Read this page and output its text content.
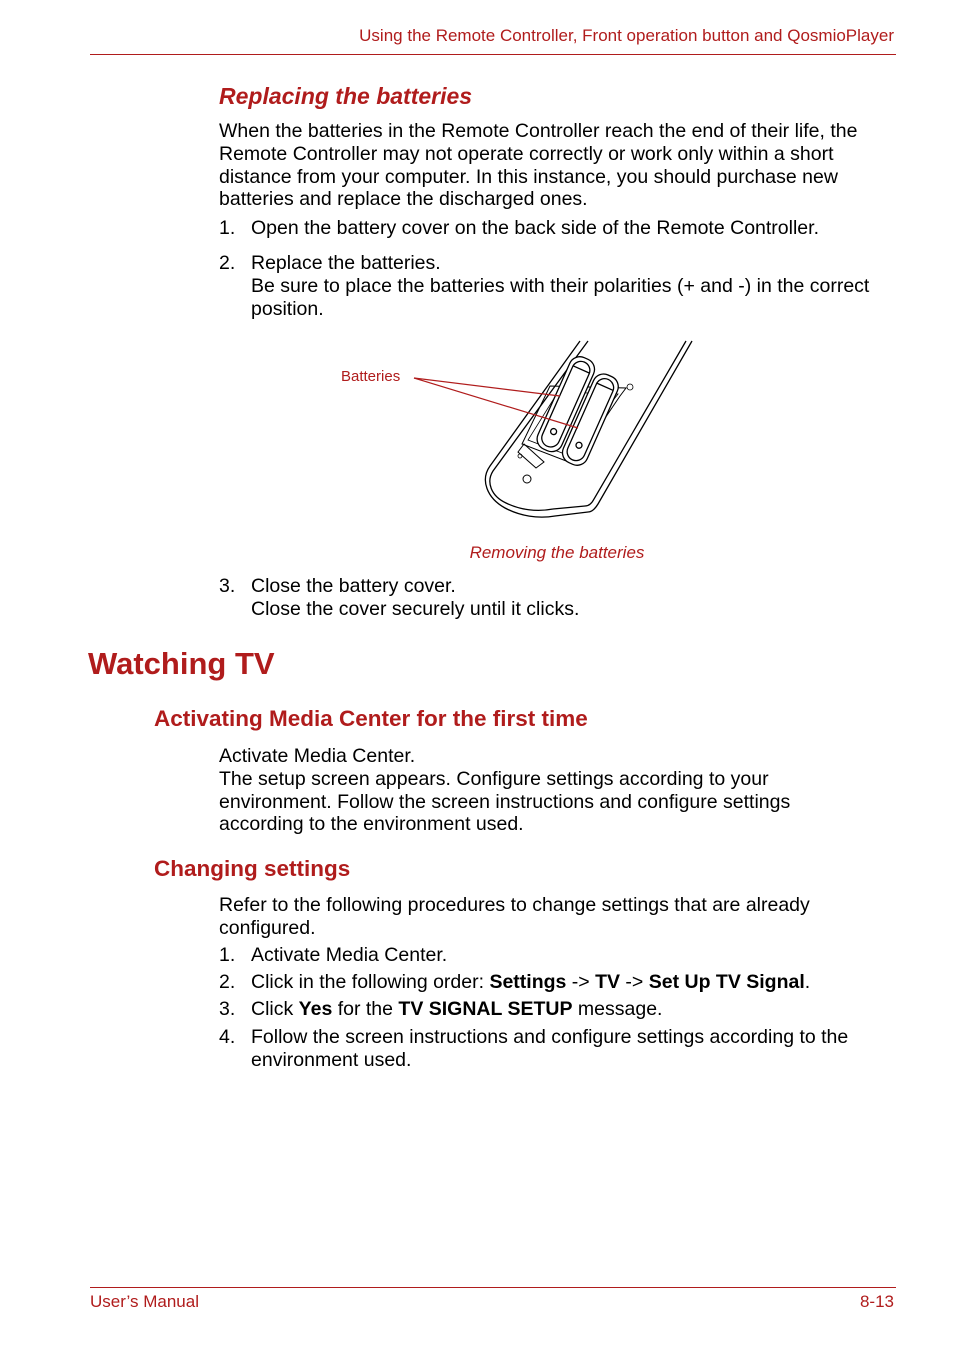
Using the Remote Controller, Front operation button and QosmioPlayer
Replacing the batteries
When the batteries in the Remote Controller reach the end of their life, the Remote Controller may not operate correctly or work only within a short distance from your computer. In this instance, you should purchase new batteries and replace the discharged ones.
1. Open the battery cover on the back side of the Remote Controller.
2. Replace the batteries.
Be sure to place the batteries with their polarities (+ and -) in the correct position.
Batteries
Removing the batteries
3. Close the battery cover.
Close the cover securely until it clicks.
Watching TV
Activating Media Center for the first time
Activate Media Center.
The setup screen appears. Configure settings according to your environment. Follow the screen instructions and configure settings according to the environment used.
Changing settings
Refer to the following procedures to change settings that are already configured.
1. Activate Media Center.
2. Click in the following order: Settings -> TV -> Set Up TV Signal.
3. Click Yes for the TV SIGNAL SETUP message.
4. Follow the screen instructions and configure settings according to the environment used.
User’s Manual	8-13
